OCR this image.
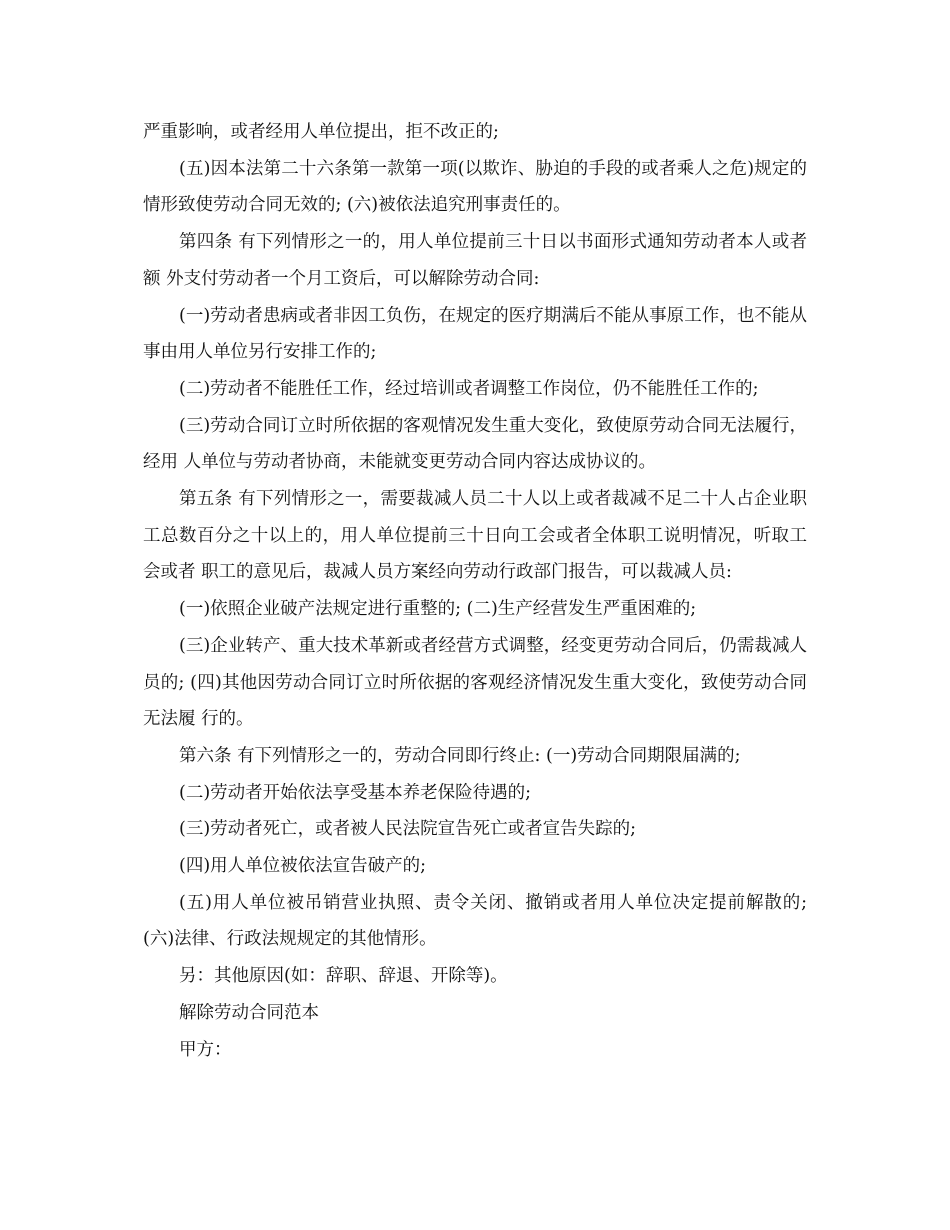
严重影响，或者经用人单位提出，拒不改正的;

(五)因本法第二十六条第一款第一项(以欺诈、胁迫的手段的或者乘人之危)规定的情形致使劳动合同无效的; (六)被依法追究刑事责任的。

第四条 有下列情形之一的，用人单位提前三十日以书面形式通知劳动者本人或者额 外支付劳动者一个月工资后，可以解除劳动合同:

(一)劳动者患病或者非因工负伤，在规定的医疗期满后不能从事原工作，也不能从事由用人单位另行安排工作的;

(二)劳动者不能胜任工作，经过培训或者调整工作岗位，仍不能胜任工作的;

(三)劳动合同订立时所依据的客观情况发生重大变化，致使原劳动合同无法履行，经用 人单位与劳动者协商，未能就变更劳动合同内容达成协议的。

第五条 有下列情形之一，需要裁减人员二十人以上或者裁减不足二十人占企业职 工总数百分之十以上的，用人单位提前三十日向工会或者全体职工说明情况，听取工会或者 职工的意见后，裁减人员方案经向劳动行政部门报告，可以裁减人员:

(一)依照企业破产法规定进行重整的; (二)生产经营发生严重困难的;

(三)企业转产、重大技术革新或者经营方式调整，经变更劳动合同后，仍需裁减人员的; (四)其他因劳动合同订立时所依据的客观经济情况发生重大变化，致使劳动合同无法履 行的。

第六条 有下列情形之一的，劳动合同即行终止: (一)劳动合同期限届满的;

(二)劳动者开始依法享受基本养老保险待遇的;

(三)劳动者死亡，或者被人民法院宣告死亡或者宣告失踪的;

(四)用人单位被依法宣告破产的;

(五)用人单位被吊销营业执照、责令关闭、撤销或者用人单位决定提前解散的; (六)法律、行政法规规定的其他情形。

另：其他原因(如：辞职、辞退、开除等)。

解除劳动合同范本

甲方：
